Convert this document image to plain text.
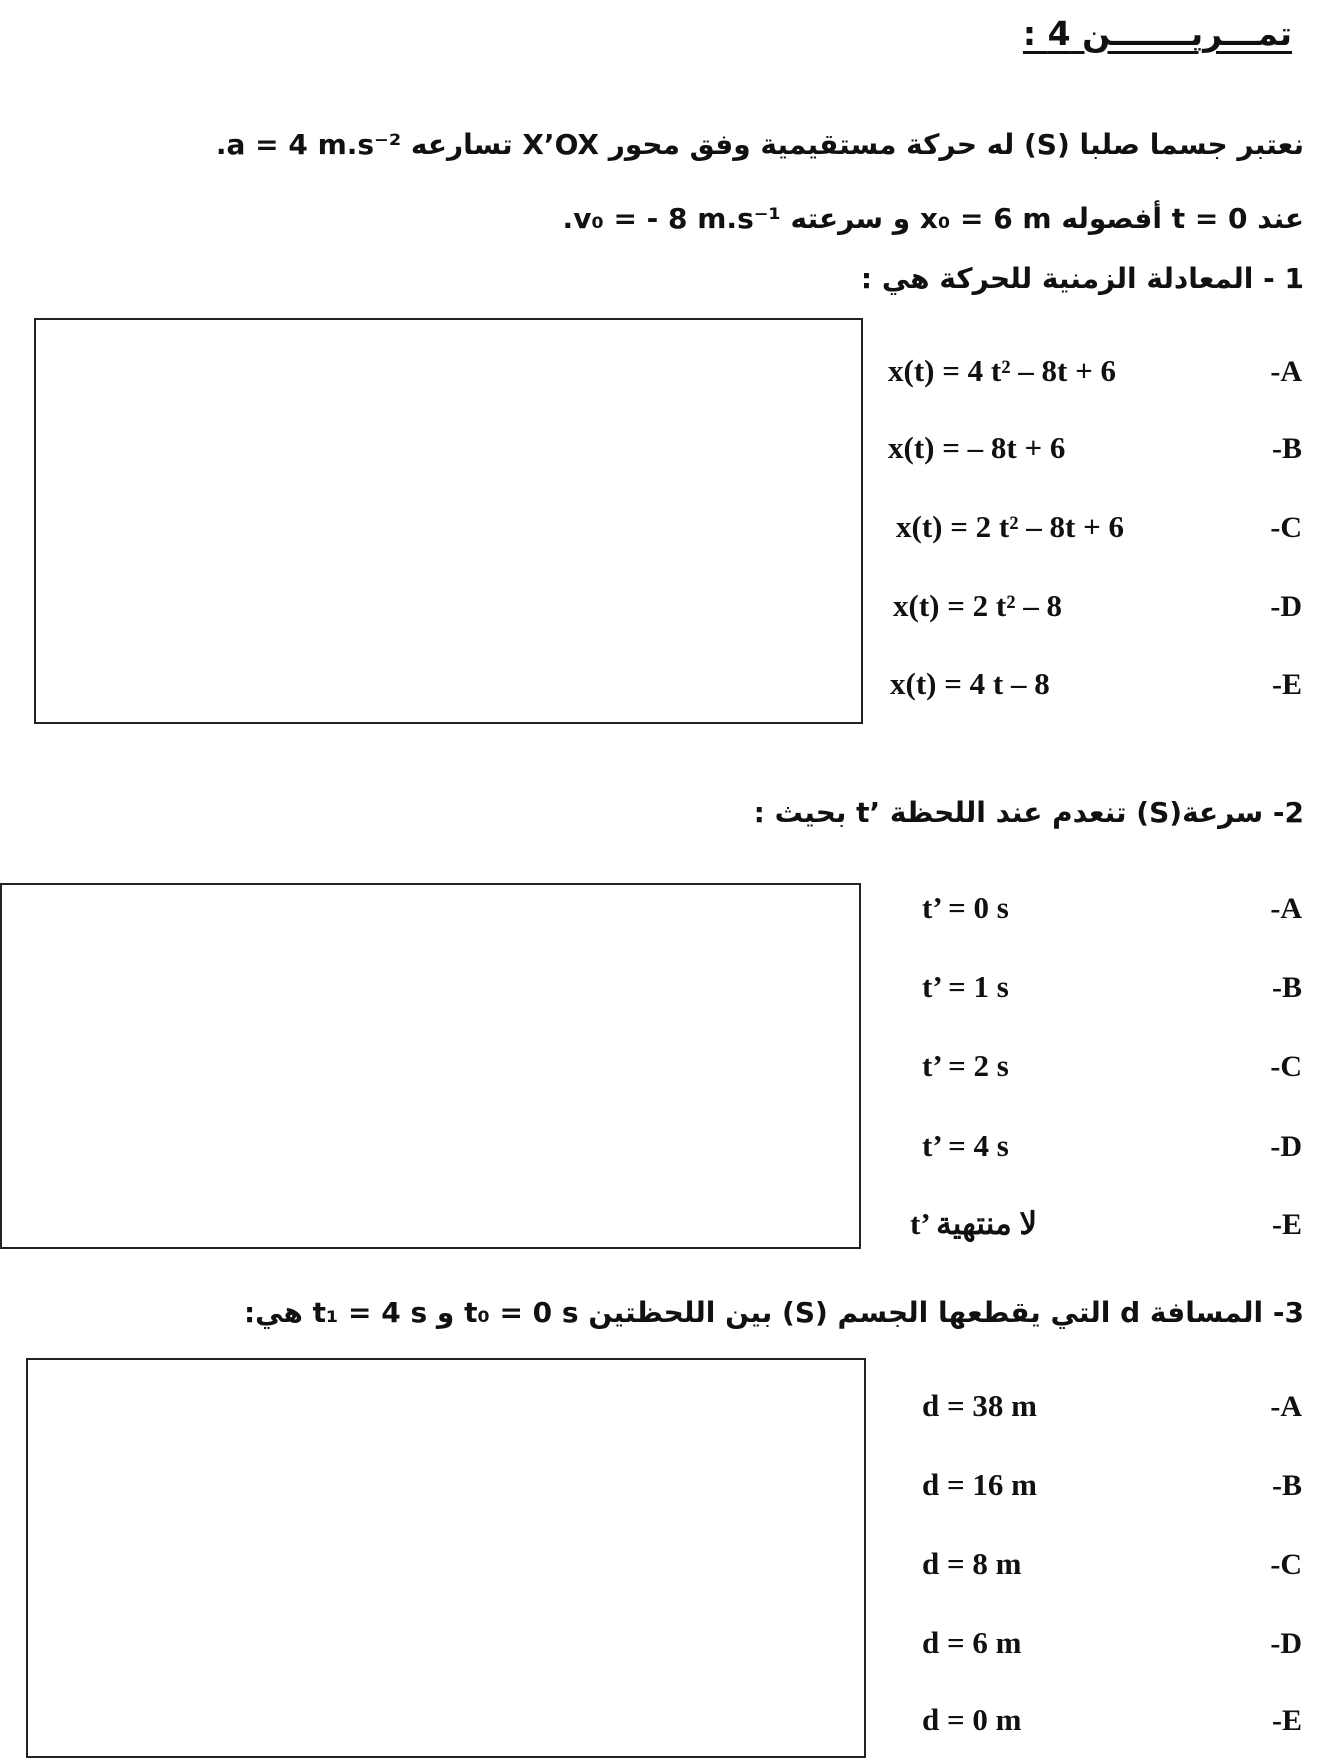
تمـــريـــــــن 4 :
نعتبر جسما صلبا (S) له حركة مستقيمية وفق محور X’OX تسارعه a = 4 m.s⁻².
عند t = 0 أفصوله x₀ = 6 m و سرعته v₀ = - 8 m.s⁻¹.
1 - المعادلة الزمنية للحركة هي :
-A
x(t) = 4 t² – 8t + 6
-B
x(t) = – 8t + 6
-C
x(t) = 2 t² – 8t + 6
-D
x(t) = 2 t² – 8
-E
x(t) = 4 t – 8
2- سرعة(S) تنعدم عند اللحظة ’t بحيث :
-A
t’ = 0 s
-B
t’ = 1 s
-C
t’ = 2 s
-D
t’ = 4 s
-E
t’ لا منتهية
3- المسافة d التي يقطعها الجسم (S) بين اللحظتين t₀ = 0 s و t₁ = 4 s هي:
-A
d = 38 m
-B
d = 16 m
-C
d = 8 m
-D
d = 6 m
-E
d = 0 m
